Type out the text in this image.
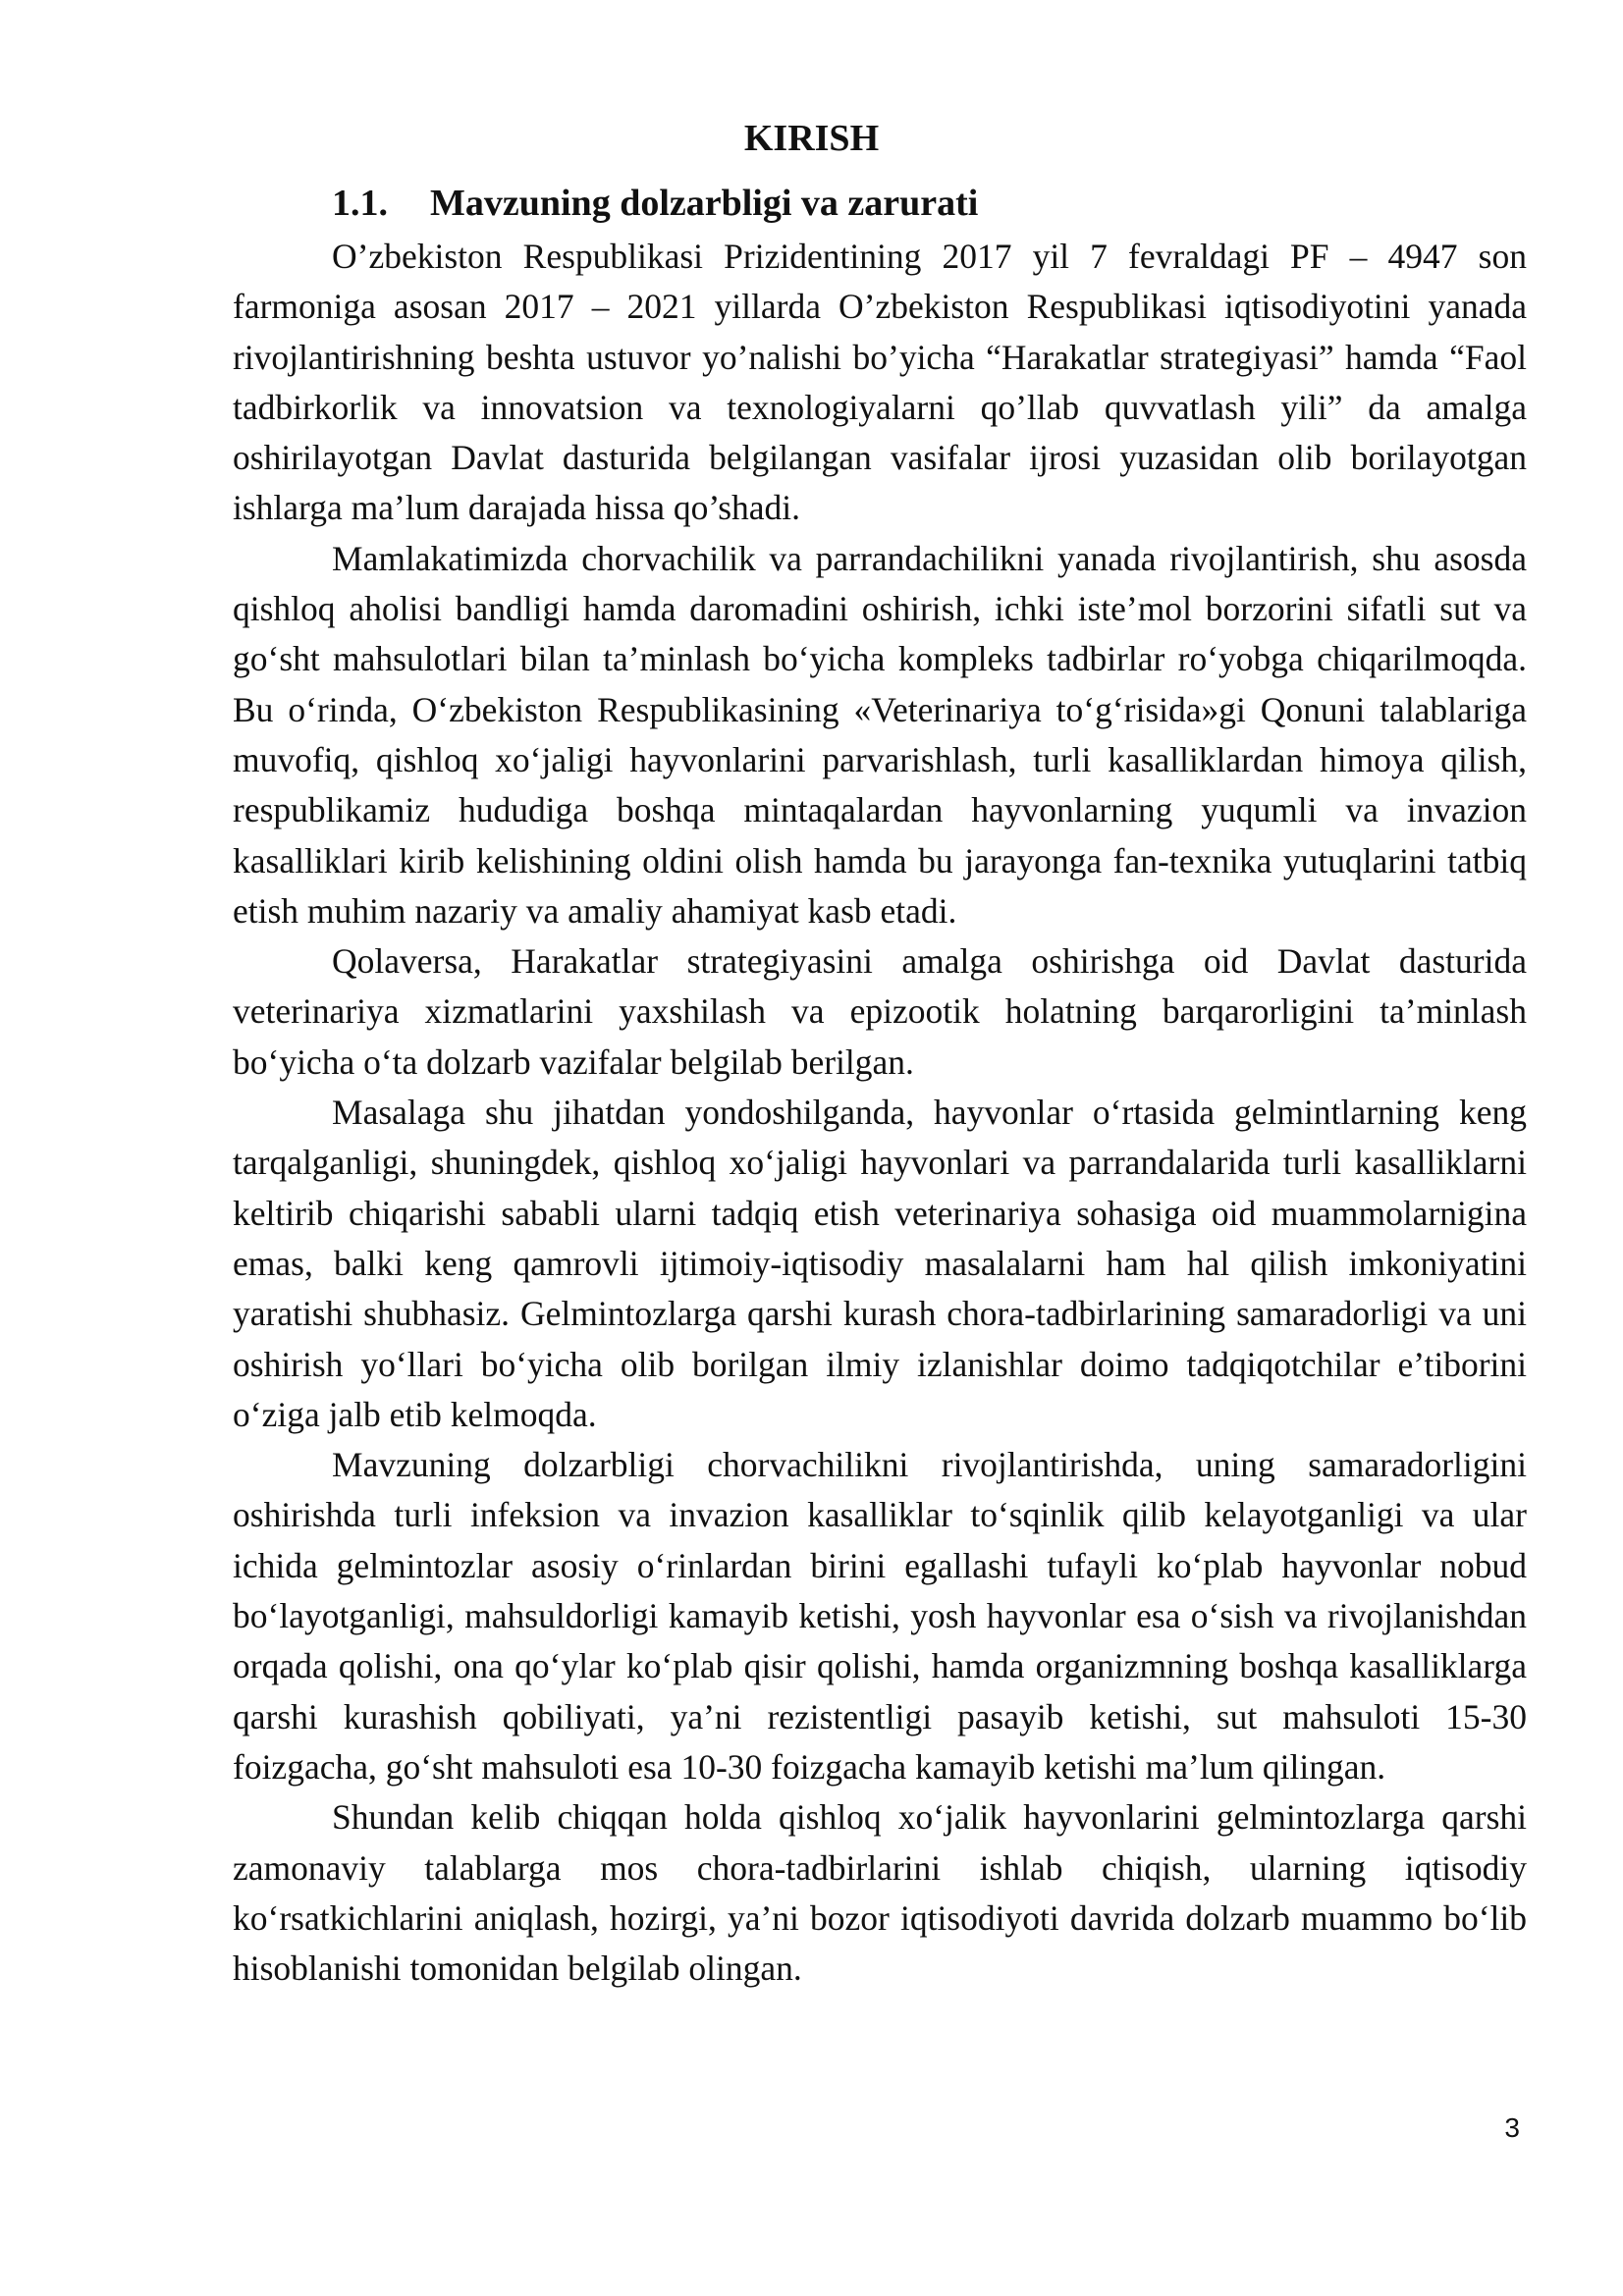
KIRISH
1.1. Mavzuning dolzarbligi va zarurati

O’zbekiston Respublikasi Prizidentining 2017 yil 7 fevraldagi PF – 4947 son farmoniga asosan 2017 – 2021 yillarda O’zbekiston Respublikasi iqtisodiyotini yanada rivojlantirishning beshta ustuvor yo’nalishi bo’yicha “Harakatlar strategiyasi” hamda “Faol tadbirkorlik va innovatsion va texnologiyalarni qo’llab quvvatlash yili” da amalga oshirilayotgan Davlat dasturida belgilangan vasifalar ijrosi yuzasidan olib borilayotgan ishlarga ma’lum darajada hissa qo’shadi.

Mamlakatimizda chorvachilik va parrandachilikni yanada rivojlantirish, shu asosda qishloq aholisi bandligi hamda daromadini oshirish, ichki iste’mol borzorini sifatli sut va go‘sht mahsulotlari bilan ta’minlash bo‘yicha kompleks tadbirlar ro‘yobga chiqarilmoqda. Bu o‘rinda, O‘zbekiston Respublikasining «Veterinariya to‘g‘risida»gi Qonuni talablariga muvofiq, qishloq xo‘jaligi hayvonlarini parvarishlash, turli kasalliklardan himoya qilish, respublikamiz hududiga boshqa mintaqalardan hayvonlarning yuqumli va invazion kasalliklari kirib kelishining oldini olish hamda bu jarayonga fan-texnika yutuqlarini tatbiq etish muhim nazariy va amaliy ahamiyat kasb etadi.

Qolaversa, Harakatlar strategiyasini amalga oshirishga oid Davlat dasturida veterinariya xizmatlarini yaxshilash va epizootik holatning barqarorligini ta’minlash bo‘yicha o‘ta dolzarb vazifalar belgilab berilgan.

Masalaga shu jihatdan yondoshilganda, hayvonlar o‘rtasida gelmintlarning keng tarqalganligi, shuningdek, qishloq xo‘jaligi hayvonlari va parrandalarida turli kasalliklarni keltirib chiqarishi sababli ularni tadqiq etish veterinariya sohasiga oid muammolarnigina emas, balki keng qamrovli ijtimoiy-iqtisodiy masalalarni ham hal qilish imkoniyatini yaratishi shubhasiz. Gelmintozlarga qarshi kurash chora-tadbirlarining samaradorligi va uni oshirish yo‘llari bo‘yicha olib borilgan ilmiy izlanishlar doimo tadqiqotchilar e’tiborini o‘ziga jalb etib kelmoqda.

Mavzuning dolzarbligi chorvachilikni rivojlantirishda, uning samaradorligini oshirishda turli infeksion va invazion kasalliklar to‘sqinlik qilib kelayotganligi va ular ichida gelmintozlar asosiy o‘rinlardan birini egallashi tufayli ko‘plab hayvonlar nobud bo‘layotganligi, mahsuldorligi kamayib ketishi, yosh hayvonlar esa o‘sish va rivojlanishdan orqada qolishi, ona qo‘ylar ko‘plab qisir qolishi, hamda organizmning boshqa kasalliklarga qarshi kurashish qobiliyati, ya’ni rezistentligi pasayib ketishi, sut mahsuloti 15-30 foizgacha, go‘sht mahsuloti esa 10-30 foizgacha kamayib ketishi ma’lum qilingan.

Shundan kelib chiqqan holda qishloq xo‘jalik hayvonlarini gelmintozlarga qarshi zamonaviy talablarga mos chora-tadbirlarini ishlab chiqish, ularning iqtisodiy ko‘rsatkichlarini aniqlash, hozirgi, ya’ni bozor iqtisodiyoti davrida dolzarb muammo bo‘lib hisoblanishi tomonidan belgilab olingan.

3
